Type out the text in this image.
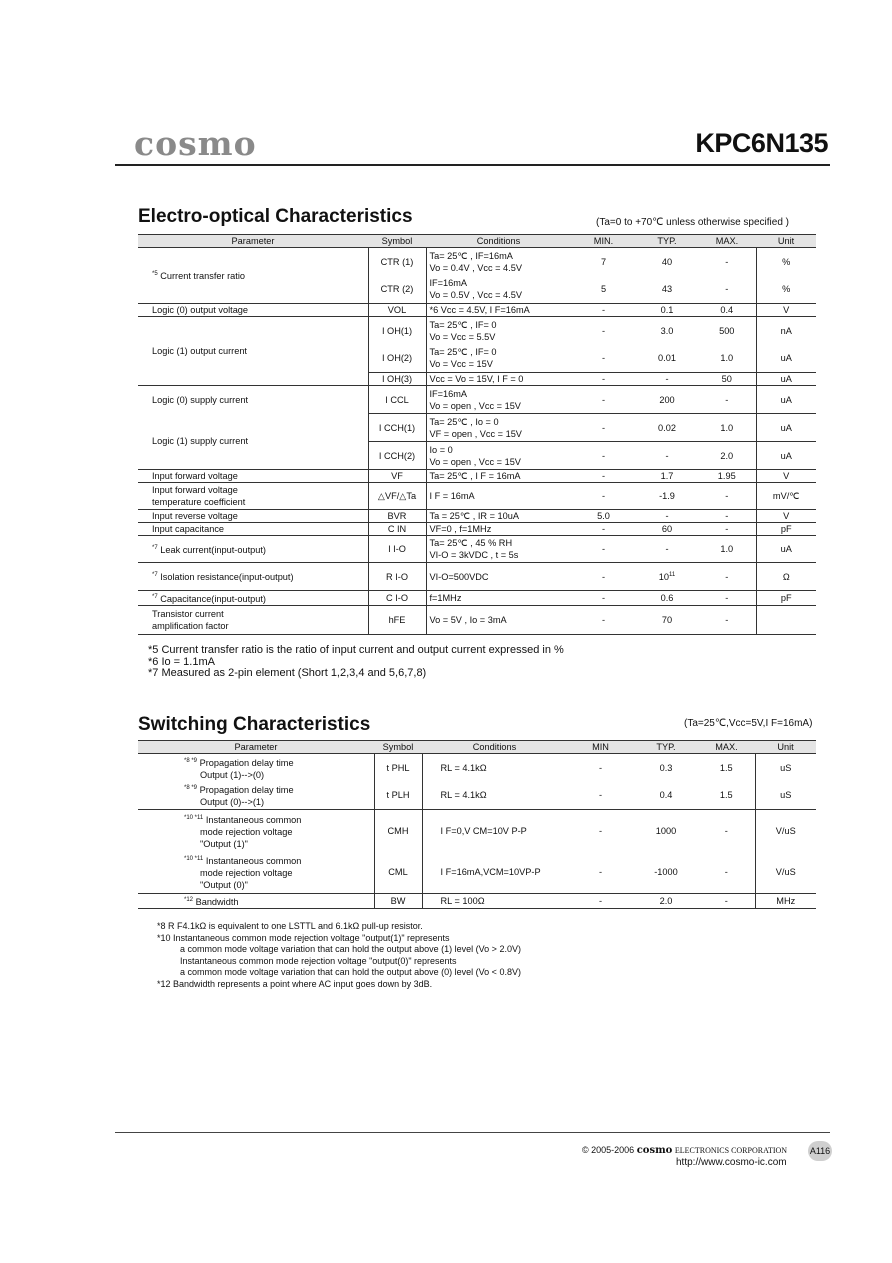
cosmo	KPC6N135
Electro-optical Characteristics	(Ta=0 to +70℃ unless otherwise specified )
Parameter	Symbol	Conditions	MIN.	TYP.	MAX.	Unit
$^{*5}$ Current transfer ratio	CTR (1)	Ta= 25℃ , IF=16mA
Vo = 0.4V , Vcc = 4.5V	7	40	-	%
	CTR (2)	IF=16mA
Vo = 0.5V , Vcc = 4.5V	5	43	-	%
Logic (0) output voltage	VOL	*6 Vcc = 4.5V, I F=16mA	-	0.1	0.4	V
Logic (1) output current	I OH(1)	Ta= 25℃ , IF= 0
Vo = Vcc = 5.5V	-	3.0	500	nA
	I OH(2)	Ta= 25℃ , IF= 0
Vo = Vcc = 15V	-	0.01	1.0	uA
	I OH(3)	Vcc = Vo = 15V, I F = 0	-	-	50	uA
Logic (0) supply current	I CCL	IF=16mA
Vo = open , Vcc = 15V	-	200	-	uA
Logic (1) supply current	I CCH(1)	Ta= 25℃ , Io = 0
VF = open , Vcc = 15V	-	0.02	1.0	uA
	I CCH(2)	Io = 0
Vo = open , Vcc = 15V	-	-	2.0	uA
Input forward voltage	VF	Ta= 25℃ , I F = 16mA	-	1.7	1.95	V

Input forward voltage
temperature coefficient	△VF/△Ta	I F = 16mA	-	-1.9	-	mV/℃
Input reverse voltage	BVR	Ta = 25℃ , IR = 10uA	5.0	-	-	V
Input capacitance	C IN	VF=0 , f=1MHz	-	60	-	pF
$^{*7}$ Leak current(input-output)	I I-O	Ta= 25℃ , 45 % RH
VI-O = 3kVDC , t = 5s	-	-	1.0	uA
$^{*7}$ Isolation resistance(input-output)	R I-O	VI-O=500VDC	-	$10^{11}$	-	Ω
$^{*7}$ Capacitance(input-output)	C I-O	f=1MHz	-	0.6	-	pF

Transistor current
amplification factor	hFE	Vo = 5V , Io = 3mA	-	70	-	
*5 Current transfer ratio is the ratio of input current and output current expressed in %
*6 Io = 1.1mA
*7 Measured as 2-pin element (Short 1,2,3,4 and 5,6,7,8)
Switching Characteristics	(Ta=25℃,Vcc=5V,I F=16mA)
Parameter	Symbol	Conditions	MIN	TYP.	MAX.	Unit
$^{*8 *9}$ Propagation delay time
Output (1)-->(0)	t PHL	RL = 4.1kΩ	-	0.3	1.5	uS
$^{*8 *9}$ Propagation delay time
Output (0)-->(1)	t PLH	RL = 4.1kΩ	-	0.4	1.5	uS
$^{*10 *11}$ Instantaneous common
mode rejection voltage
"Output (1)"	CMH	I F=0,V CM=10V P-P	-	1000	-	V/uS
$^{*10 *11}$ Instantaneous common
mode rejection voltage
"Output (0)"	CML	I F=16mA,VCM=10VP-P	-	-1000	-	V/uS
$^{*12}$ Bandwidth	BW	RL = 100Ω	-	2.0	-	MHz
*8 R F4.1kΩ is equivalent to one LSTTL and 6.1kΩ pull-up resistor.
*10 Instantaneous common mode rejection voltage "output(1)" represents
a common mode voltage variation that can hold the output above (1) level (Vo > 2.0V)
Instantaneous common mode rejection voltage "output(0)" represents
a common mode voltage variation that can hold the output above (0) level (Vo < 0.8V)
*12 Bandwidth represents a point where AC input goes down by 3dB.
© 2005-2006 cosmo ELECTRONICS CORPORATION
http://www.cosmo-ic.com
A116
